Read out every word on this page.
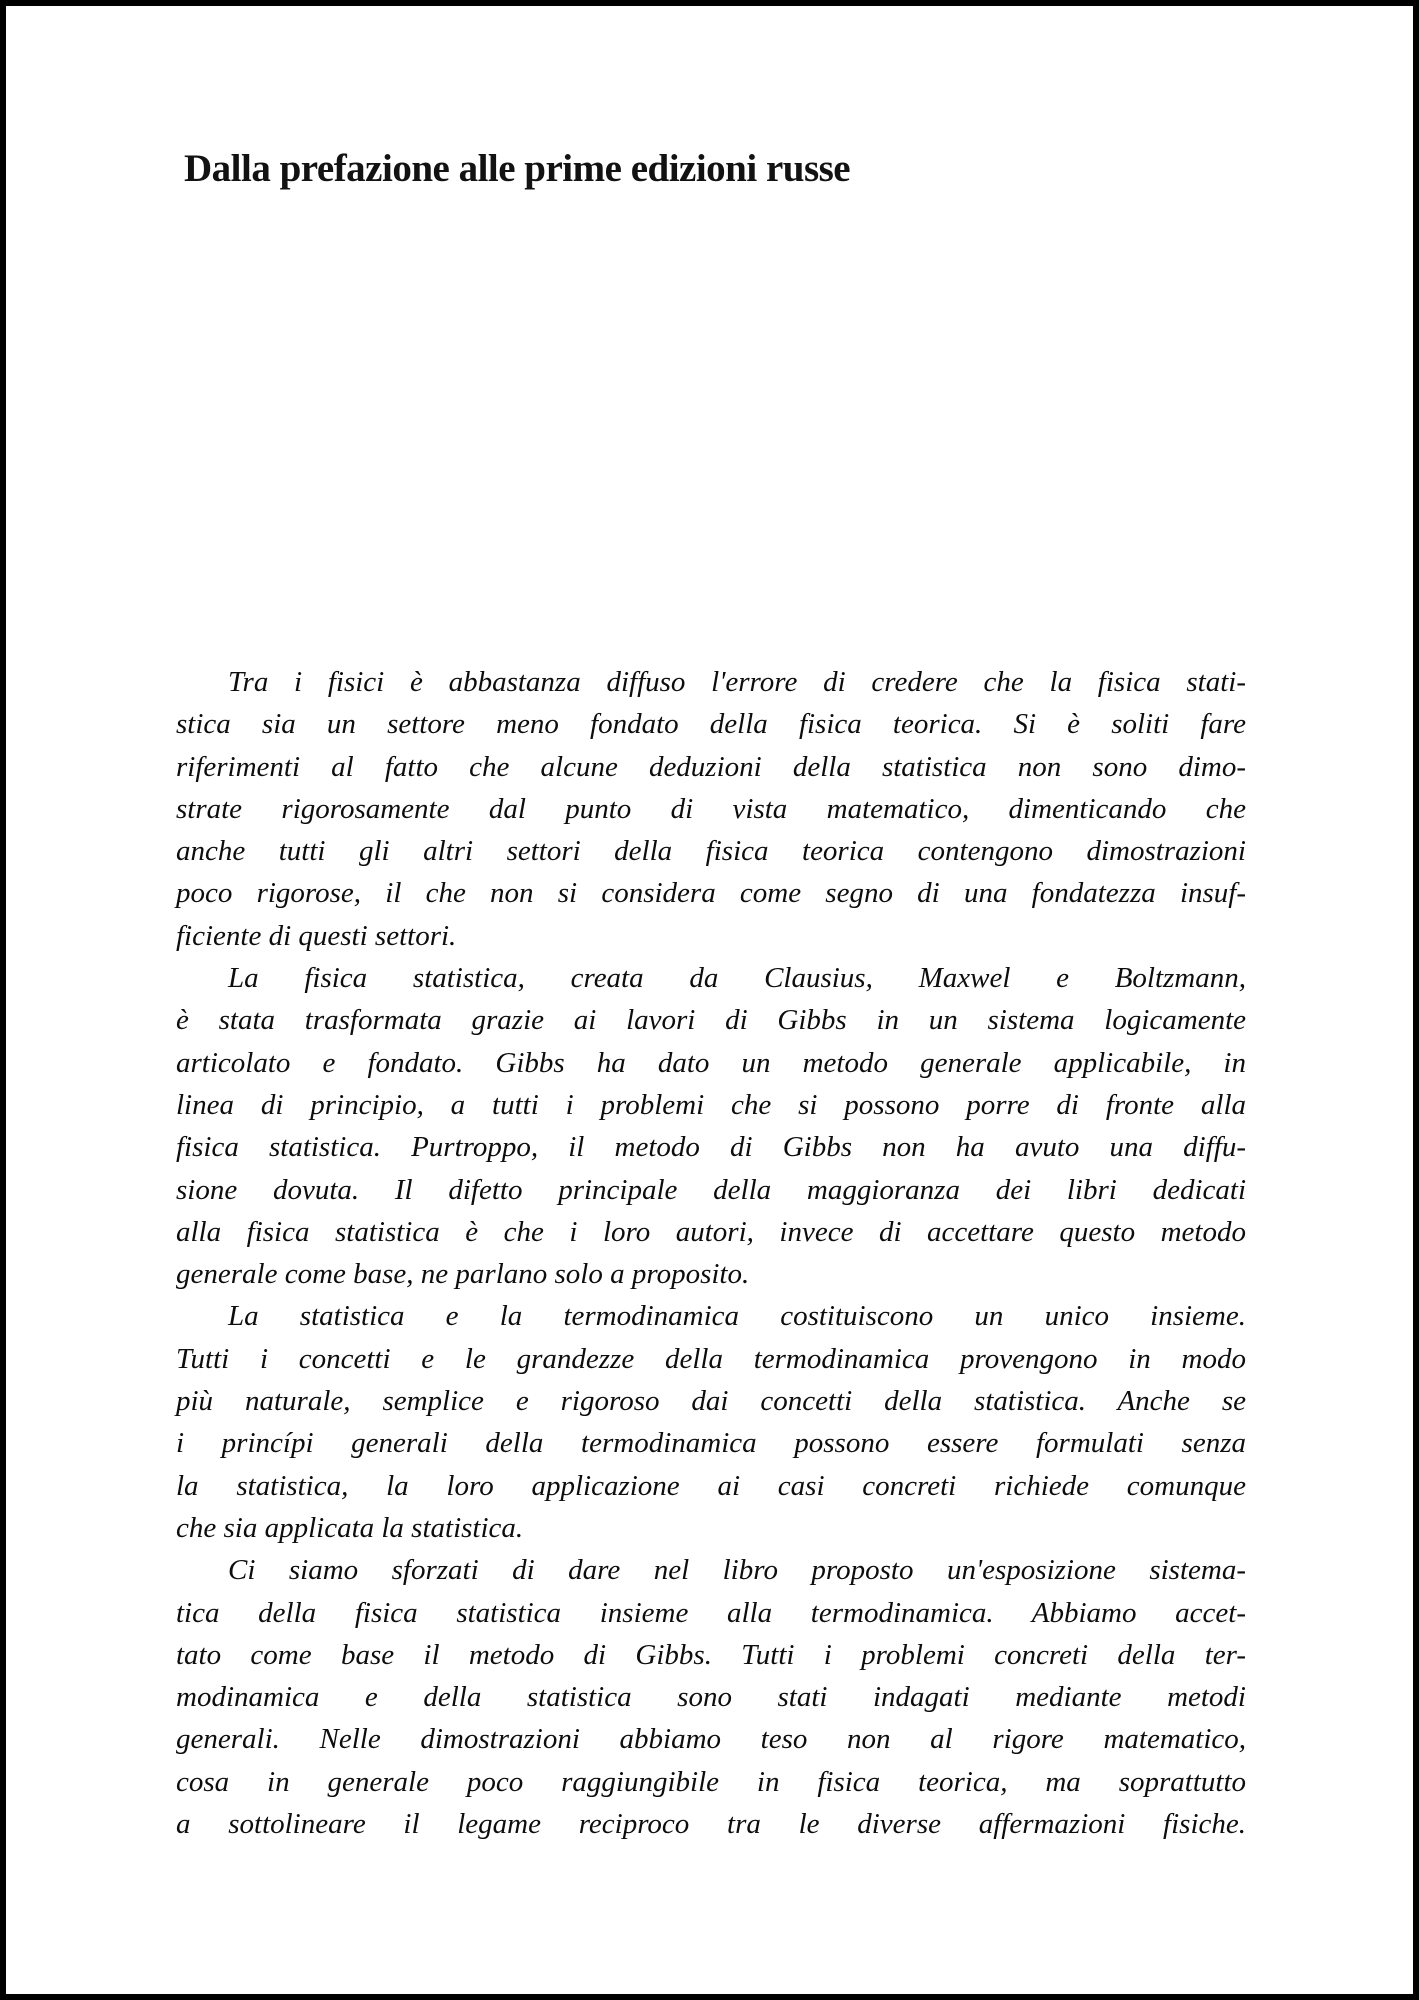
Dalla prefazione alle prime edizioni russe
Tra i fisici è abbastanza diffuso l'errore di credere che la fisica stati-
stica sia un settore meno fondato della fisica teorica. Si è soliti fare
riferimenti al fatto che alcune deduzioni della statistica non sono dimo-
strate rigorosamente dal punto di vista matematico, dimenticando che
anche tutti gli altri settori della fisica teorica contengono dimostrazioni
poco rigorose, il che non si considera come segno di una fondatezza insuf-
ficiente di questi settori.
La fisica statistica, creata da Clausius, Maxwel e Boltzmann,
è stata trasformata grazie ai lavori di Gibbs in un sistema logicamente
articolato e fondato. Gibbs ha dato un metodo generale applicabile, in
linea di principio, a tutti i problemi che si possono porre di fronte alla
fisica statistica. Purtroppo, il metodo di Gibbs non ha avuto una diffu-
sione dovuta. Il difetto principale della maggioranza dei libri dedicati
alla fisica statistica è che i loro autori, invece di accettare questo metodo
generale come base, ne parlano solo a proposito.
La statistica e la termodinamica costituiscono un unico insieme.
Tutti i concetti e le grandezze della termodinamica provengono in modo
più naturale, semplice e rigoroso dai concetti della statistica. Anche se
i princípi generali della termodinamica possono essere formulati senza
la statistica, la loro applicazione ai casi concreti richiede comunque
che sia applicata la statistica.
Ci siamo sforzati di dare nel libro proposto un'esposizione sistema-
tica della fisica statistica insieme alla termodinamica. Abbiamo accet-
tato come base il metodo di Gibbs. Tutti i problemi concreti della ter-
modinamica e della statistica sono stati indagati mediante metodi
generali. Nelle dimostrazioni abbiamo teso non al rigore matematico,
cosa in generale poco raggiungibile in fisica teorica, ma soprattutto
a sottolineare il legame reciproco tra le diverse affermazioni fisiche.
